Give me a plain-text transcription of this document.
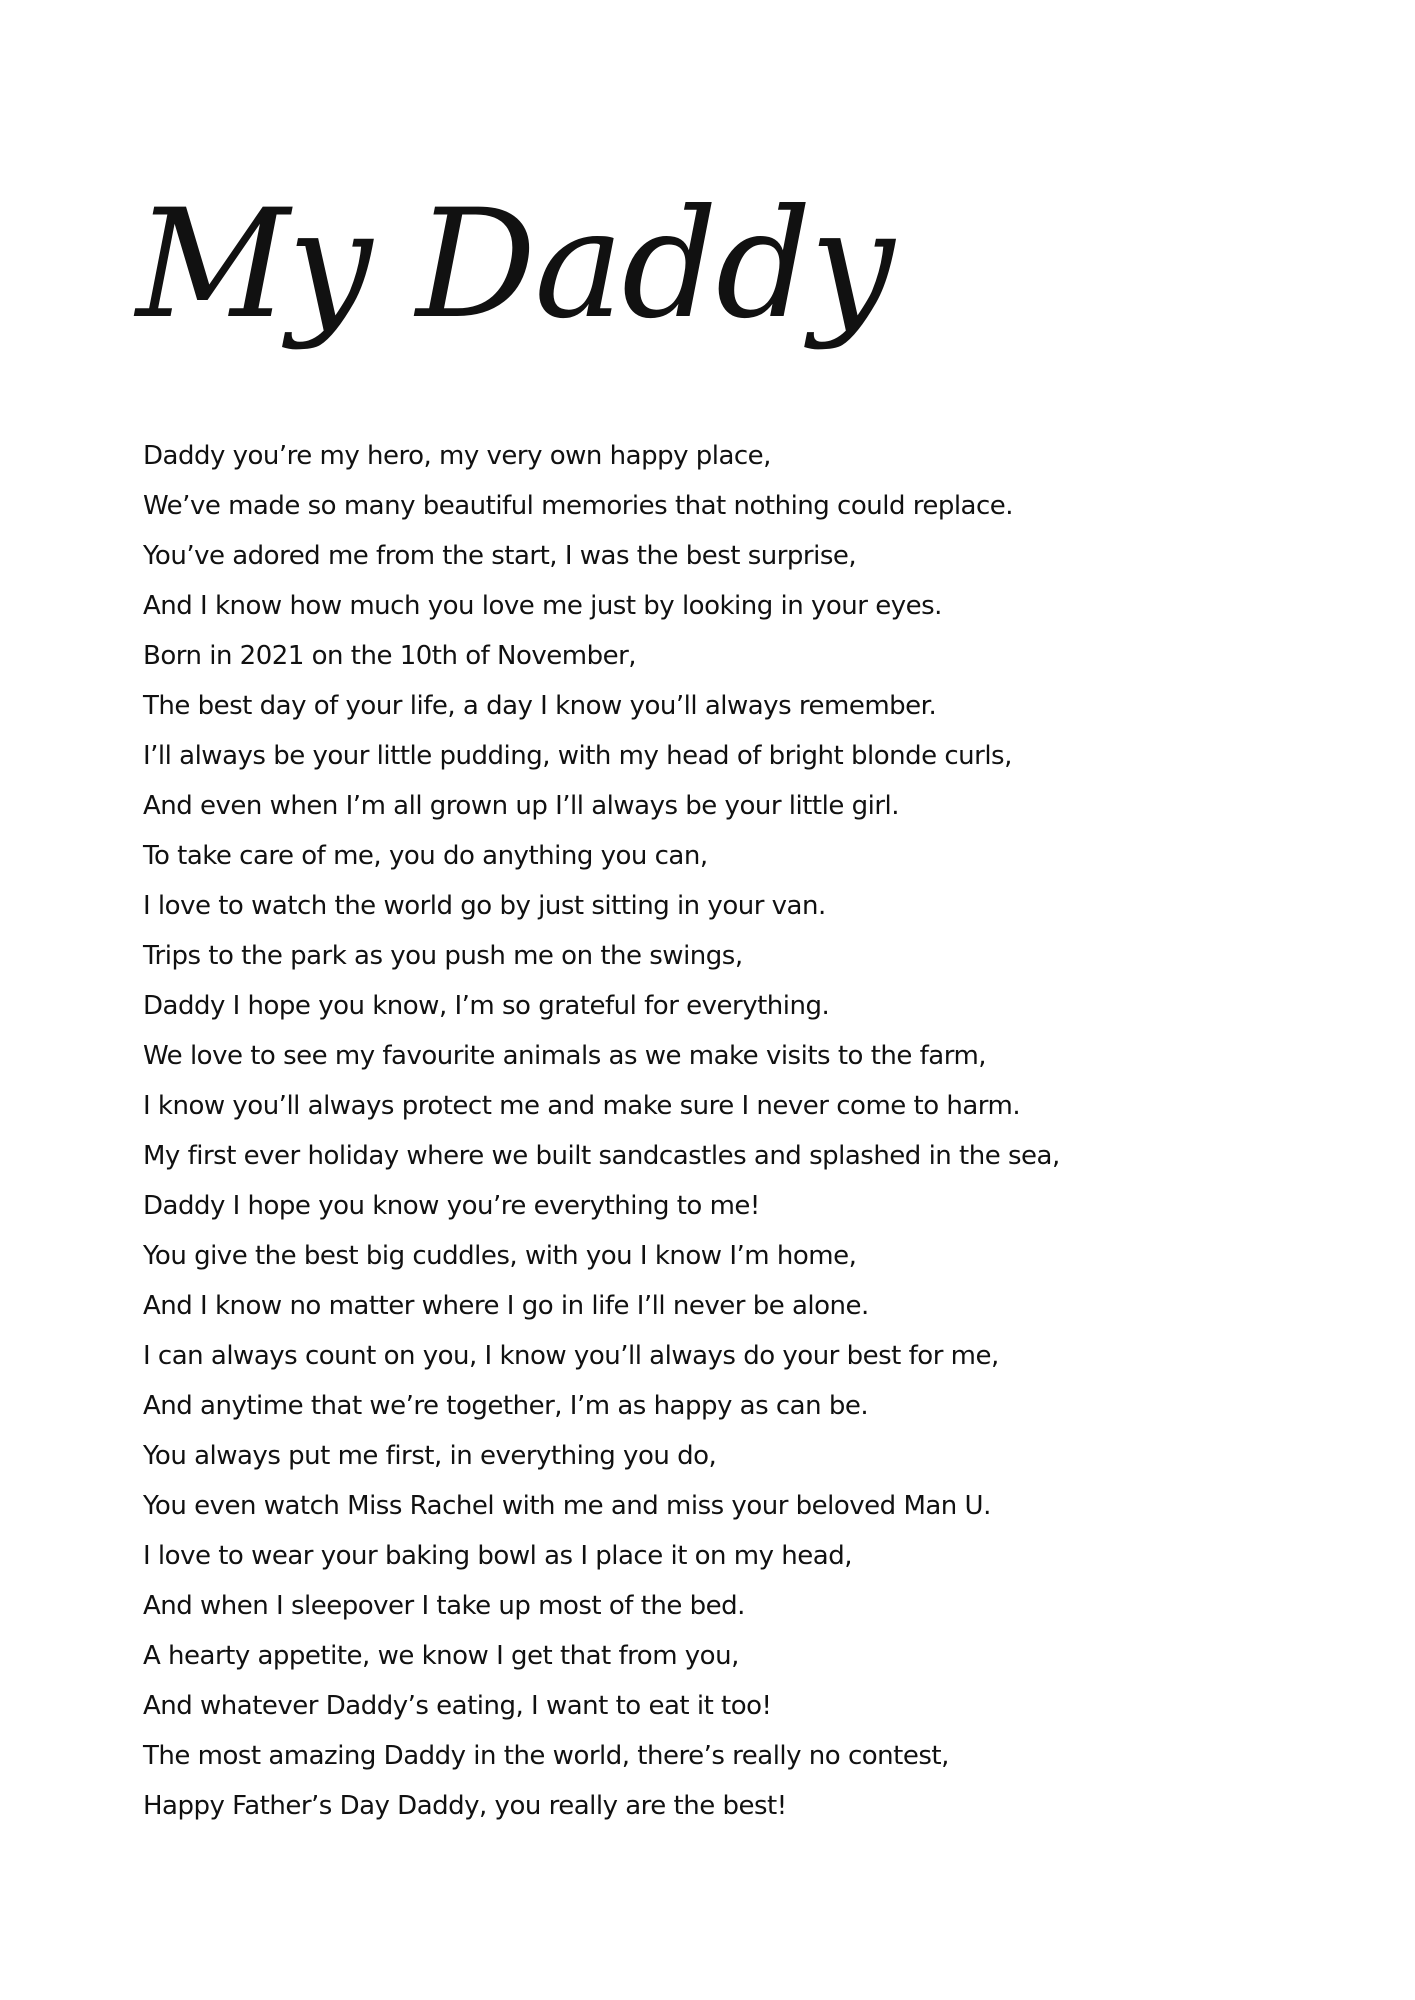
My Daddy
Daddy you’re my hero, my very own happy place,
We’ve made so many beautiful memories that nothing could replace.
You’ve adored me from the start, I was the best surprise,
And I know how much you love me just by looking in your eyes.
Born in 2021 on the 10th of November,
The best day of your life, a day I know you’ll always remember.
I’ll always be your little pudding, with my head of bright blonde curls,
And even when I’m all grown up I’ll always be your little girl.
To take care of me, you do anything you can,
I love to watch the world go by just sitting in your van.
Trips to the park as you push me on the swings,
Daddy I hope you know, I’m so grateful for everything.
We love to see my favourite animals as we make visits to the farm,
I know you’ll always protect me and make sure I never come to harm.
My first ever holiday where we built sandcastles and splashed in the sea,
Daddy I hope you know you’re everything to me!
You give the best big cuddles, with you I know I’m home,
And I know no matter where I go in life I’ll never be alone.
I can always count on you, I know you’ll always do your best for me,
And anytime that we’re together, I’m as happy as can be.
You always put me first, in everything you do,
You even watch Miss Rachel with me and miss your beloved Man U.
I love to wear your baking bowl as I place it on my head,
And when I sleepover I take up most of the bed.
A hearty appetite, we know I get that from you,
And whatever Daddy’s eating, I want to eat it too!
The most amazing Daddy in the world, there’s really no contest,
Happy Father’s Day Daddy, you really are the best!
